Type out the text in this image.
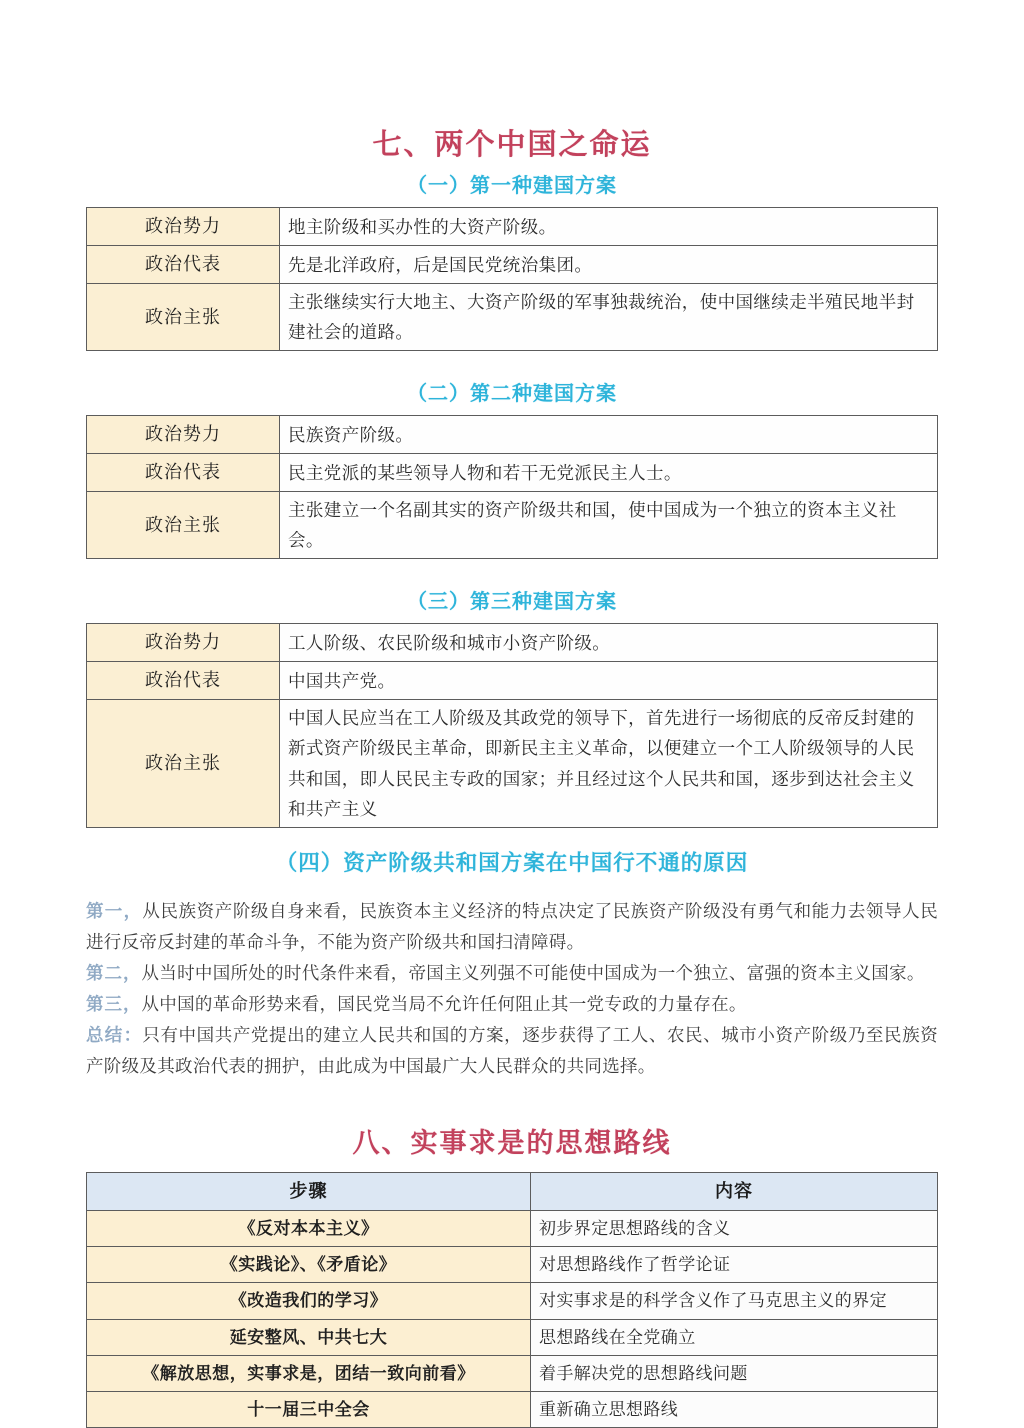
七、两个中国之命运
（一）第一种建国方案
政治势力	地主阶级和买办性的大资产阶级。
政治代表	先是北洋政府，后是国民党统治集团。
政治主张	主张继续实行大地主、大资产阶级的军事独裁统治，使中国继续走半殖民地半封建社会的道路。
（二）第二种建国方案
政治势力	民族资产阶级。
政治代表	民主党派的某些领导人物和若干无党派民主人士。
政治主张	主张建立一个名副其实的资产阶级共和国，使中国成为一个独立的资本主义社会。
（三）第三种建国方案
政治势力	工人阶级、农民阶级和城市小资产阶级。
政治代表	中国共产党。
政治主张	中国人民应当在工人阶级及其政党的领导下，首先进行一场彻底的反帝反封建的新式资产阶级民主革命，即新民主主义革命，以便建立一个工人阶级领导的人民共和国，即人民民主专政的国家；并且经过这个人民共和国，逐步到达社会主义和共产主义
（四）资产阶级共和国方案在中国行不通的原因

第一，从民族资产阶级自身来看，民族资本主义经济的特点决定了民族资产阶级没有勇气和能力去领导人民进行反帝反封建的革命斗争，不能为资产阶级共和国扫清障碍。

第二，从当时中国所处的时代条件来看，帝国主义列强不可能使中国成为一个独立、富强的资本主义国家。

第三，从中国的革命形势来看，国民党当局不允许任何阻止其一党专政的力量存在。

总结：只有中国共产党提出的建立人民共和国的方案，逐步获得了工人、农民、城市小资产阶级乃至民族资产阶级及其政治代表的拥护，由此成为中国最广大人民群众的共同选择。

八、实事求是的思想路线
步骤	内容
《反对本本主义》	初步界定思想路线的含义
《实践论》、《矛盾论》	对思想路线作了哲学论证
《改造我们的学习》	对实事求是的科学含义作了马克思主义的界定
延安整风、中共七大	思想路线在全党确立
《解放思想，实事求是，团结一致向前看》	着手解决党的思想路线问题
十一届三中全会	重新确立思想路线
